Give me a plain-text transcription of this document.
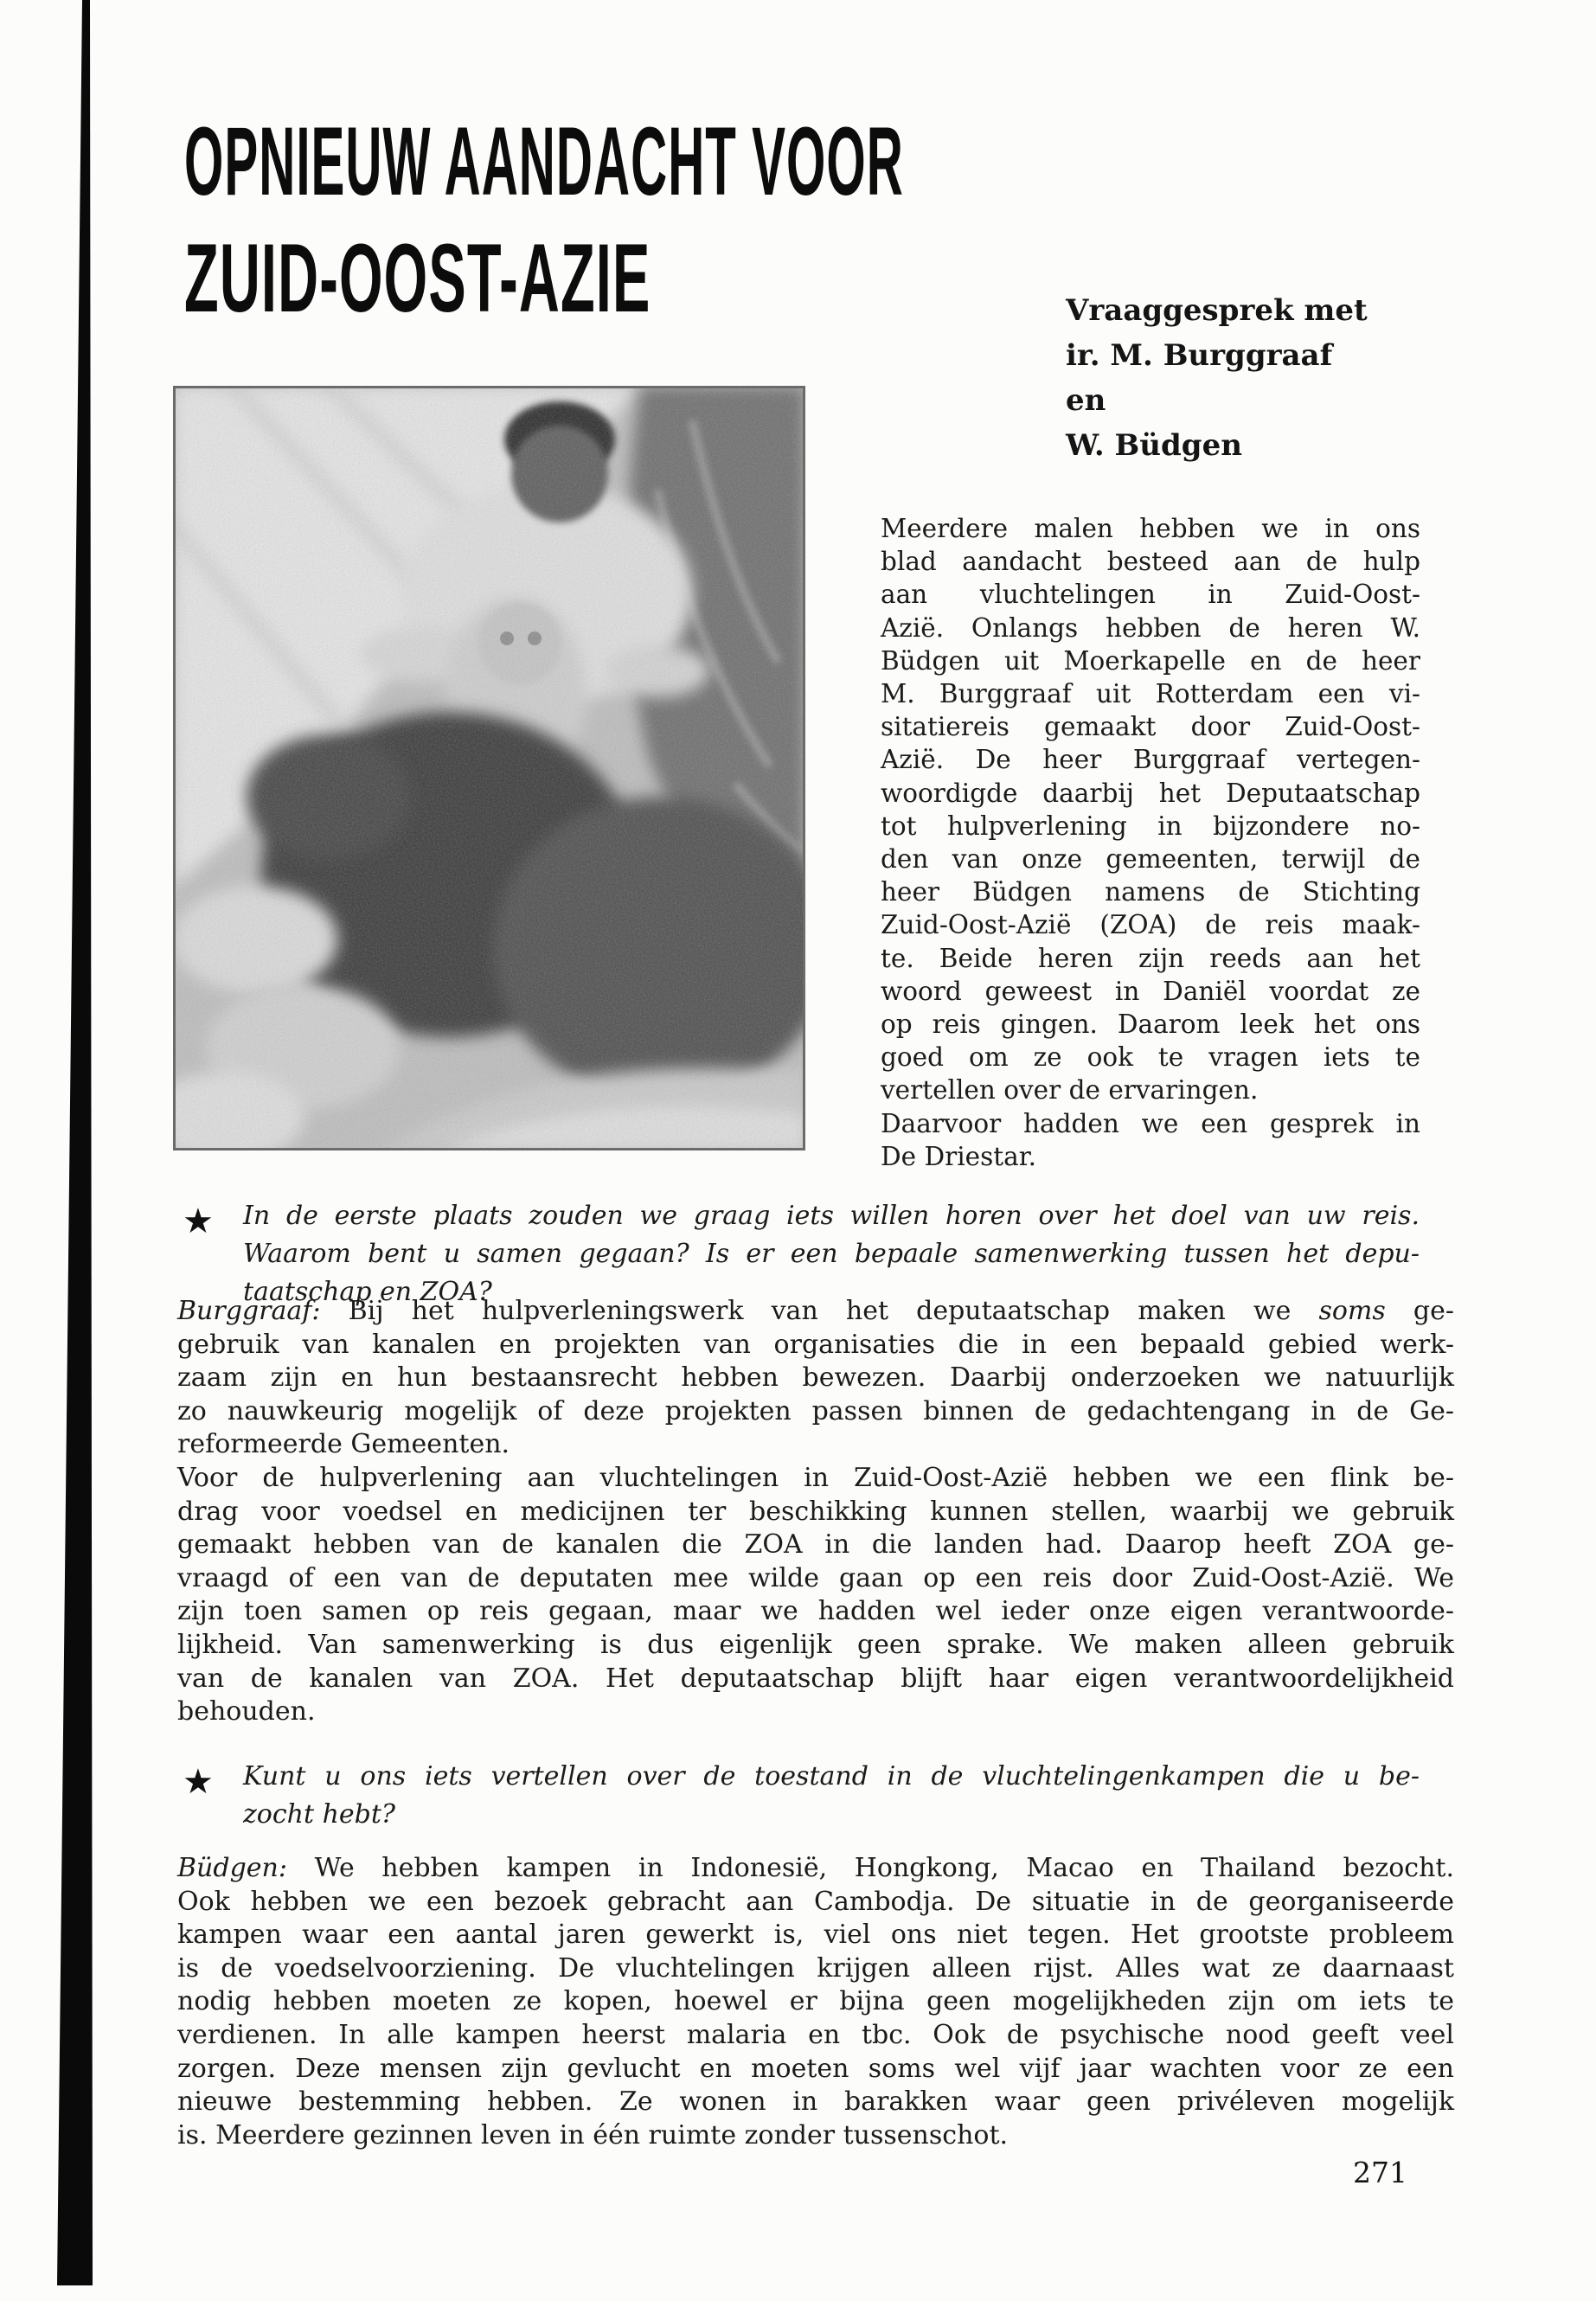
OPNIEUW AANDACHT VOOR
ZUID-OOST-AZIE	Vraaggesprek met
ir. M. Burggraaf
en
W. Büdgen
Meerdere malen hebben we in ons
blad aandacht besteed aan de hulp
aan vluchtelingen in Zuid-Oost-
Azië. Onlangs hebben de heren W.
Büdgen uit Moerkapelle en de heer
M. Burggraaf uit Rotterdam een vi-
sitatiereis gemaakt door Zuid-Oost-
Azië. De heer Burggraaf vertegen-
woordigde daarbij het Deputaatschap
tot hulpverlening in bijzondere no-
den van onze gemeenten, terwijl de
heer Büdgen namens de Stichting
Zuid-Oost-Azië (ZOA) de reis maak-
te. Beide heren zijn reeds aan het
woord geweest in Daniël voordat ze
op reis gingen. Daarom leek het ons
goed om ze ook te vragen iets te
vertellen over de ervaringen.
Daarvoor hadden we een gesprek in
De Driestar.
★ In de eerste plaats zouden we graag iets willen horen over het doel van uw reis.
Waarom bent u samen gegaan? Is er een bepaale samenwerking tussen het depu-
taatschap en ZOA?
Burggraaf: Bij het hulpverleningswerk van het deputaatschap maken we soms ge-
gebruik van kanalen en projekten van organisaties die in een bepaald gebied werk-
zaam zijn en hun bestaansrecht hebben bewezen. Daarbij onderzoeken we natuurlijk
zo nauwkeurig mogelijk of deze projekten passen binnen de gedachtengang in de Ge-
reformeerde Gemeenten.
Voor de hulpverlening aan vluchtelingen in Zuid-Oost-Azië hebben we een flink be-
drag voor voedsel en medicijnen ter beschikking kunnen stellen, waarbij we gebruik
gemaakt hebben van de kanalen die ZOA in die landen had. Daarop heeft ZOA ge-
vraagd of een van de deputaten mee wilde gaan op een reis door Zuid-Oost-Azië. We
zijn toen samen op reis gegaan, maar we hadden wel ieder onze eigen verantwoorde-
lijkheid. Van samenwerking is dus eigenlijk geen sprake. We maken alleen gebruik
van de kanalen van ZOA. Het deputaatschap blijft haar eigen verantwoordelijkheid
behouden.
★ Kunt u ons iets vertellen over de toestand in de vluchtelingenkampen die u be-
zocht hebt?
Büdgen: We hebben kampen in Indonesië, Hongkong, Macao en Thailand bezocht.
Ook hebben we een bezoek gebracht aan Cambodja. De situatie in de georganiseerde
kampen waar een aantal jaren gewerkt is, viel ons niet tegen. Het grootste probleem
is de voedselvoorziening. De vluchtelingen krijgen alleen rijst. Alles wat ze daarnaast
nodig hebben moeten ze kopen, hoewel er bijna geen mogelijkheden zijn om iets te
verdienen. In alle kampen heerst malaria en tbc. Ook de psychische nood geeft veel
zorgen. Deze mensen zijn gevlucht en moeten soms wel vijf jaar wachten voor ze een
nieuwe bestemming hebben. Ze wonen in barakken waar geen privéleven mogelijk
is. Meerdere gezinnen leven in één ruimte zonder tussenschot.
271
